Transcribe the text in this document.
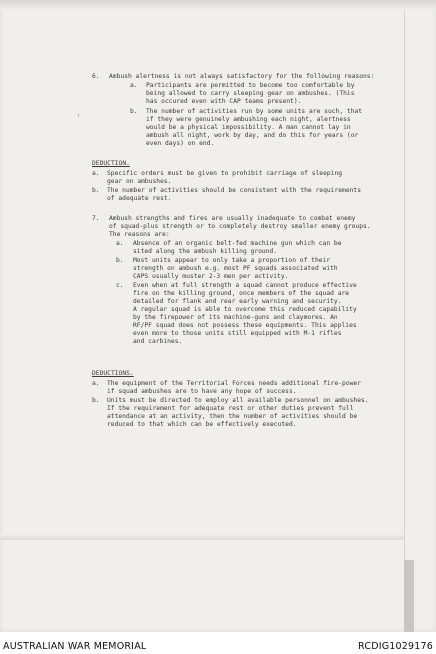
‘
6. Ambush alertness is not always satisfactory for the following reasons:
a. Participants are permitted to become too comfortable by
being allowed to carry sleeping gear on ambushes. (This
has occured even with CAP teams present).
b. The number of activities run by some units are such, that
if they were genuinely ambushing each night, alertness
would be a physical impossibility. A man cannot lay in
ambush all night, work by day, and do this for years (or
even days) on end.
DEDUCTION.
a. Specific orders must be given to prohibit carriage of sleeping
gear on ambushes.
b. The number of activities should be consistent with the requirements
of adequate rest.
7. Ambush strengths and fires are usually inadequate to combat enemy
of squad-plus strength or to completely destroy smaller enemy groups.
The reasons are:
a. Absence of an organic belt-fed machine gun which can be
sited along the ambush killing ground.
b. Most units appear to only take a proportion of their
strength on ambush e.g. most PF squads associated with
CAPS usually muster 2-3 men per activity.
c. Even when at full strength a squad cannot produce effective
fire on the killing ground, once members of the squad are
detailed for flank and rear early warning and security.
A regular squad is able to overcome this reduced capability
by the firepower of its machine-guns and claymores. An
RF/PF squad does not possess these equipments. This applies
even more to those units still equipped with M-1 rifles
and carbines.
DEDUCTIONS.
a. The equipment of the Territorial Forces needs additional fire-power
if squad ambushes are to have any hope of success.
b. Units must be directed to employ all available personnel on ambushes.
If the requirement for adequate rest or other duties prevent full
attendance at an activity, then the number of activities should be
reduced to that which can be effectively executed.
AUSTRALIAN WAR MEMORIAL	RCDIG1029176
